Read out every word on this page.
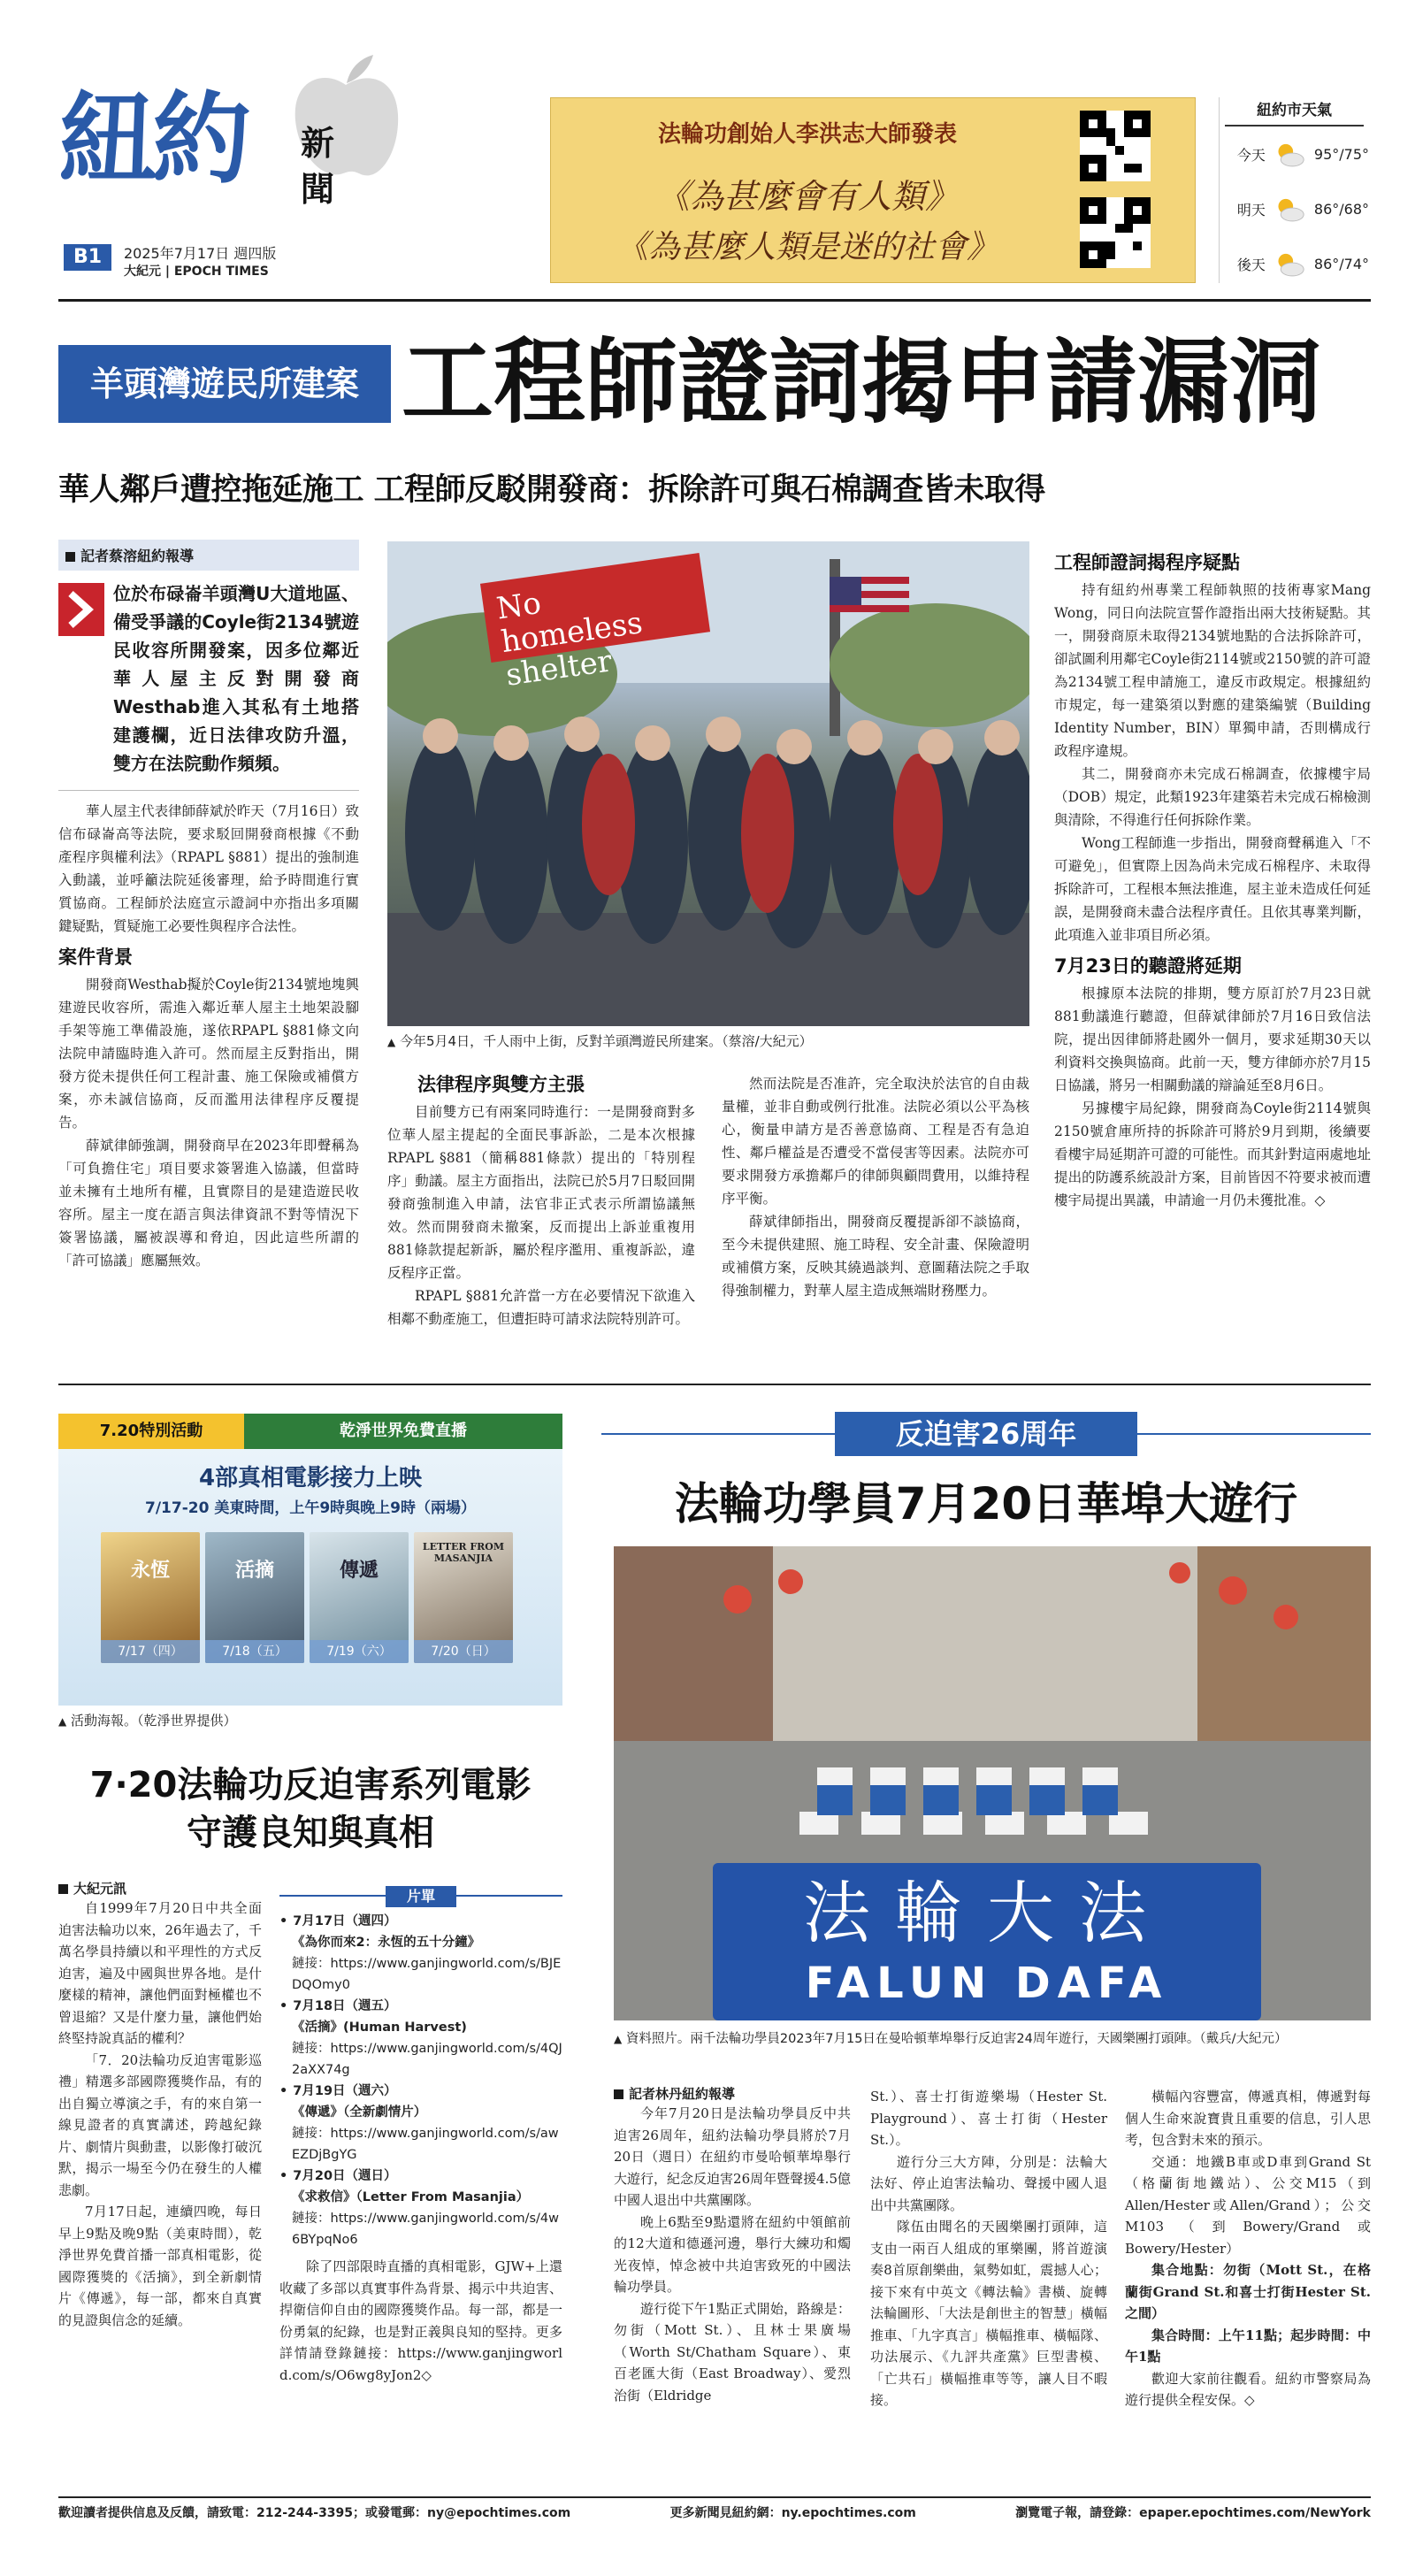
紐約 新聞
B1	2025年7月17日 週四版
大紀元 | EPOCH TIMES
法輪功創始人李洪志大師發表
《為甚麼會有人類》
《為甚麼人類是迷的社會》
紐約市天氣
今天	95°/75°
明天	86°/68°
後天	86°/74°
羊頭灣遊民所建案 工程師證詞揭申請漏洞
華人鄰戶遭控拖延施工 工程師反駁開發商：拆除許可與石棉調查皆未取得
記者蔡溶紐約報導

位於布碌崙羊頭灣U大道地區、備受爭議的Coyle街2134號遊民收容所開發案，因多位鄰近華人屋主反對開發商Westhab進入其私有土地搭建護欄，近日法律攻防升溫，雙方在法院動作頻頻。

華人屋主代表律師薛斌於昨天（7月16日）致信布碌崙高等法院，要求駁回開發商根據《不動產程序與權利法》（RPAPL §881）提出的強制進入動議，並呼籲法院延後審理，給予時間進行實質協商。工程師於法庭宣示證詞中亦指出多項關鍵疑點，質疑施工必要性與程序合法性。

案件背景

開發商Westhab擬於Coyle街2134號地塊興建遊民收容所，需進入鄰近華人屋主土地架設腳手架等施工準備設施，遂依RPAPL §881條文向法院申請臨時進入許可。然而屋主反對指出，開發方從未提供任何工程計畫、施工保險或補償方案，亦未誠信協商，反而濫用法律程序反覆提告。

薛斌律師強調，開發商早在2023年即聲稱為「可負擔住宅」項目要求簽署進入協議，但當時並未擁有土地所有權，且實際目的是建造遊民收容所。屋主一度在語言與法律資訊不對等情況下簽署協議，屬被誤導和脅迫，因此這些所謂的「許可協議」應屬無效。

No homeless shelter
▲ 今年5月4日，千人雨中上街，反對羊頭灣遊民所建案。（蔡溶/大紀元）
法律程序與雙方主張

目前雙方已有兩案同時進行：一是開發商對多位華人屋主提起的全面民事訴訟，二是本次根據RPAPL §881（簡稱881條款）提出的「特別程序」動議。屋主方面指出，法院已於5月7日駁回開發商強制進入申請，法官非正式表示所謂協議無效。然而開發商未撤案，反而提出上訴並重複用881條款提起新訴，屬於程序濫用、重複訴訟，違反程序正當。

RPAPL §881允許當一方在必要情況下欲進入相鄰不動產施工，但遭拒時可請求法院特別許可。

然而法院是否准許，完全取決於法官的自由裁量權，並非自動或例行批准。法院必須以公平為核心，衡量申請方是否善意協商、工程是否有急迫性、鄰戶權益是否遭受不當侵害等因素。法院亦可要求開發方承擔鄰戶的律師與顧問費用，以維持程序平衡。

薛斌律師指出，開發商反覆提訴卻不談協商，至今未提供建照、施工時程、安全計畫、保險證明或補償方案，反映其繞過談判、意圖藉法院之手取得強制權力，對華人屋主造成無端財務壓力。

工程師證詞揭程序疑點

持有紐約州專業工程師執照的技術專家Mang Wong，同日向法院宣誓作證指出兩大技術疑點。其一，開發商原未取得2134號地點的合法拆除許可，卻試圖利用鄰宅Coyle街2114號或2150號的許可證為2134號工程申請施工，違反市政規定。根據紐約市規定，每一建築須以對應的建築編號（Building Identity Number，BIN）單獨申請，否則構成行政程序違規。

其二，開發商亦未完成石棉調查，依據樓宇局（DOB）規定，此類1923年建築若未完成石棉檢測與清除，不得進行任何拆除作業。

Wong工程師進一步指出，開發商聲稱進入「不可避免」，但實際上因為尚未完成石棉程序、未取得拆除許可，工程根本無法推進，屋主並未造成任何延誤，是開發商未盡合法程序責任。且依其專業判斷，此項進入並非項目所必須。

7月23日的聽證將延期

根據原本法院的排期，雙方原訂於7月23日就881動議進行聽證，但薛斌律師於7月16日致信法院，提出因律師將赴國外一個月，要求延期30天以利資料交換與協商。此前一天，雙方律師亦於7月15日協議，將另一相關動議的辯論延至8月6日。

另據樓宇局紀錄，開發商為Coyle街2114號與2150號倉庫所持的拆除許可將於9月到期，後續要看樓宇局延期許可證的可能性。而其針對這兩處地址提出的防護系統設計方案，目前皆因不符要求被而遭樓宇局提出異議，申請逾一月仍未獲批准。◇

7.20特別活動	乾淨世界免費直播
4部真相電影接力上映
7/17-20 美東時間，上午9時與晚上9時（兩場）
永恆
7/17（四）
活摘
7/18（五）
傳遞
7/19（六）
LETTER FROM MASANJIA
7/20（日）
▲ 活動海報。（乾淨世界提供）
7·20法輪功反迫害系列電影
守護良知與真相
大紀元訊

自1999年7月20日中共全面迫害法輪功以來，26年過去了，千萬名學員持續以和平理性的方式反迫害，遍及中國與世界各地。是什麼樣的精神，讓他們面對極權也不曾退縮？又是什麼力量，讓他們始終堅持說真話的權利？

「7．20法輪功反迫害電影巡禮」精選多部國際獲獎作品，有的出自獨立導演之手，有的來自第一線見證者的真實講述，跨越紀錄片、劇情片與動畫，以影像打破沉默，揭示一場至今仍在發生的人權悲劇。

7月17日起，連續四晚，每日早上9點及晚9點（美東時間），乾淨世界免費首播一部真相電影，從國際獲獎的《活摘》，到全新劇情片《傳遞》，每一部，都來自真實的見證與信念的延續。

片單
• 7月17日（週四）
《為你而來2：永恆的五十分鐘》
鏈接：https://www.ganjingworld.com/s/BJEDQOmy0
• 7月18日（週五）
《活摘》(Human Harvest)
鏈接：https://www.ganjingworld.com/s/4QJ2aXX74g
• 7月19日（週六）
《傳遞》（全新劇情片）
鏈接：https://www.ganjingworld.com/s/awEZDjBgYG
• 7月20日（週日）
《求救信》（Letter From Masanjia）
鏈接：https://www.ganjingworld.com/s/4w6BYpqNo6

除了四部限時直播的真相電影，GJW+上還收藏了多部以真實事件為背景、揭示中共迫害、捍衛信仰自由的國際獲獎作品。每一部，都是一份勇氣的紀錄，也是對正義與良知的堅持。更多詳情請登錄鏈接：https://www.ganjingworld.com/s/O6wg8yJon2◇

反迫害26周年
法輪功學員7月20日華埠大遊行
法輪大法
FALUN DAFA
▲ 資料照片。兩千法輪功學員2023年7月15日在曼哈頓華埠舉行反迫害24周年遊行，天國樂團打頭陣。（戴兵/大紀元）
記者林丹紐約報導

今年7月20日是法輪功學員反中共迫害26周年，紐約法輪功學員將於7月20日（週日）在紐約市曼哈頓華埠舉行大遊行，紀念反迫害26周年暨聲援4.5億中國人退出中共黨團隊。

晚上6點至9點還將在紐約中領館前的12大道和德遜河邊，舉行大練功和燭光夜悼，悼念被中共迫害致死的中國法輪功學員。

遊行從下午1點正式開始，路線是：勿街（Mott St.）、且林士果廣場（Worth St/Chatham Square）、東百老匯大街（East Broadway）、愛烈治街（Eldridge

St.）、喜士打街遊樂場（Hester St. Playground）、喜士打街（Hester St.）。

遊行分三大方陣，分別是：法輪大法好、停止迫害法輪功、聲援中國人退出中共黨團隊。

隊伍由聞名的天國樂團打頭陣，這支由一兩百人組成的軍樂團，將首遊演奏8首原創樂曲，氣勢如虹，震撼人心；接下來有中英文《轉法輪》書橫、旋轉法輪圖形、「大法是創世主的智慧」橫幅推車、「九字真言」橫幅推車、橫幅隊、功法展示、《九評共產黨》巨型書模、「亡共石」橫幅推車等等，讓人目不暇接。

橫幅內容豐富，傳遞真相，傳遞對每個人生命來說寶貴且重要的信息，引人思考，包含對未來的預示。

交通：地鐵B車或D車到Grand St（格蘭街地鐵站）、公交M15（到Allen/Hester或Allen/Grand）；公交M103（到Bowery/Grand或Bowery/Hester）

集合地點：勿街（Mott St.，在格蘭街Grand St.和喜士打街Hester St.之間）

集合時間：上午11點；起步時間：中午1點

歡迎大家前往觀看。紐約市警察局為遊行提供全程安保。◇

歡迎讀者提供信息及反饋，請致電：212-244-3395；或發電郵：ny@epochtimes.com	更多新聞見紐約網：ny.epochtimes.com	瀏覽電子報，請登錄：epaper.epochtimes.com/NewYork
